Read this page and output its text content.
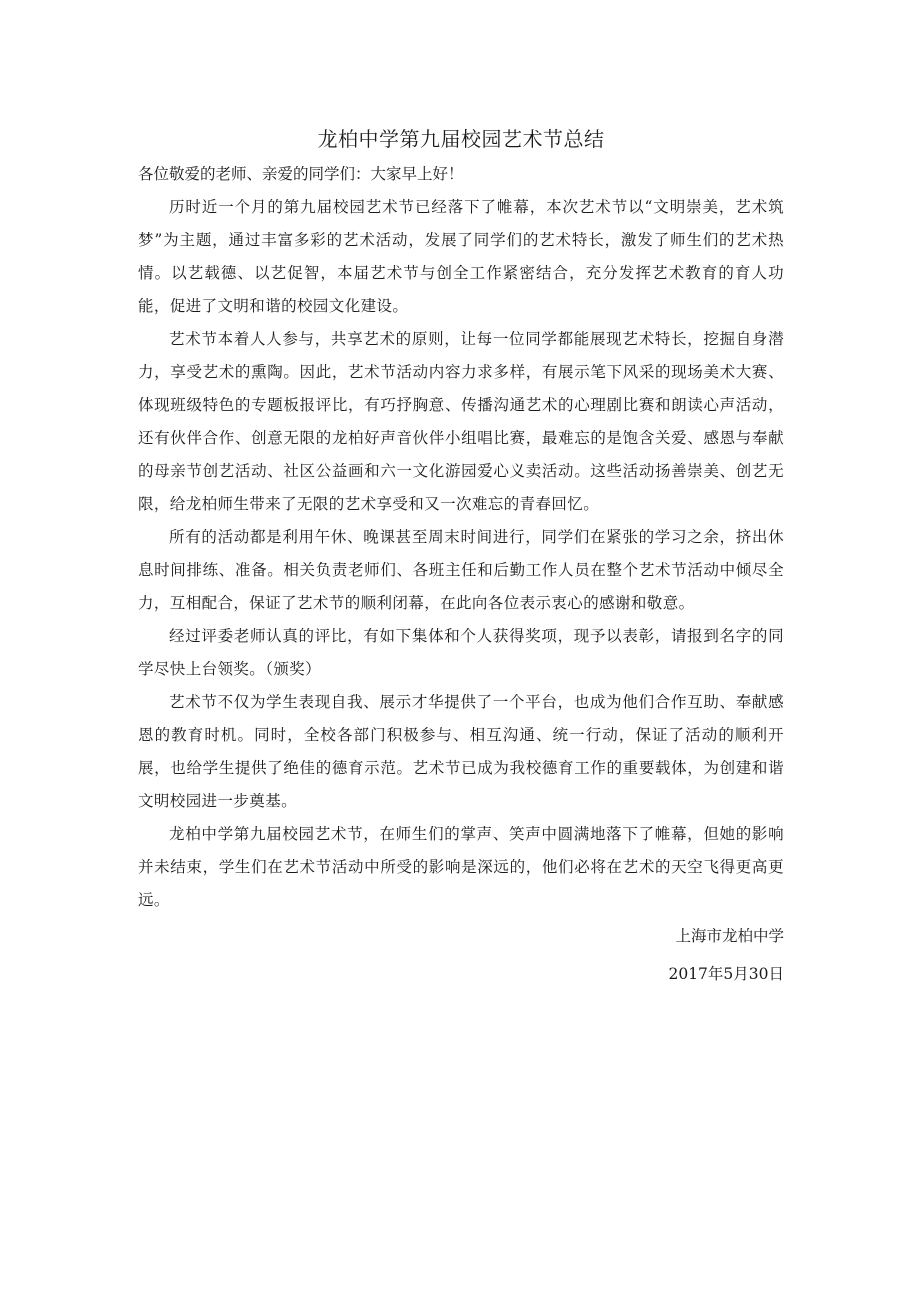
龙柏中学第九届校园艺术节总结

各位敬爱的老师、亲爱的同学们：大家早上好！

历时近一个月的第九届校园艺术节已经落下了帷幕，本次艺术节以“文明崇美，艺术筑梦”为主题，通过丰富多彩的艺术活动，发展了同学们的艺术特长，激发了师生们的艺术热情。以艺载德、以艺促智，本届艺术节与创全工作紧密结合，充分发挥艺术教育的育人功能，促进了文明和谐的校园文化建设。

艺术节本着人人参与，共享艺术的原则，让每一位同学都能展现艺术特长，挖掘自身潜力，享受艺术的熏陶。因此，艺术节活动内容力求多样，有展示笔下风采的现场美术大赛、体现班级特色的专题板报评比，有巧抒胸意、传播沟通艺术的心理剧比赛和朗读心声活动，还有伙伴合作、创意无限的龙柏好声音伙伴小组唱比赛，最难忘的是饱含关爱、感恩与奉献的母亲节创艺活动、社区公益画和六一文化游园爱心义卖活动。这些活动扬善崇美、创艺无限，给龙柏师生带来了无限的艺术享受和又一次难忘的青春回忆。

所有的活动都是利用午休、晚课甚至周末时间进行，同学们在紧张的学习之余，挤出休息时间排练、准备。相关负责老师们、各班主任和后勤工作人员在整个艺术节活动中倾尽全力，互相配合，保证了艺术节的顺利闭幕，在此向各位表示衷心的感谢和敬意。

经过评委老师认真的评比，有如下集体和个人获得奖项，现予以表彰，请报到名字的同学尽快上台领奖。（颁奖）

艺术节不仅为学生表现自我、展示才华提供了一个平台，也成为他们合作互助、奉献感恩的教育时机。同时，全校各部门积极参与、相互沟通、统一行动，保证了活动的顺利开展，也给学生提供了绝佳的德育示范。艺术节已成为我校德育工作的重要载体，为创建和谐文明校园进一步奠基。

龙柏中学第九届校园艺术节，在师生们的掌声、笑声中圆满地落下了帷幕，但她的影响并未结束，学生们在艺术节活动中所受的影响是深远的，他们必将在艺术的天空飞得更高更远。

上海市龙柏中学

2017年5月30日
